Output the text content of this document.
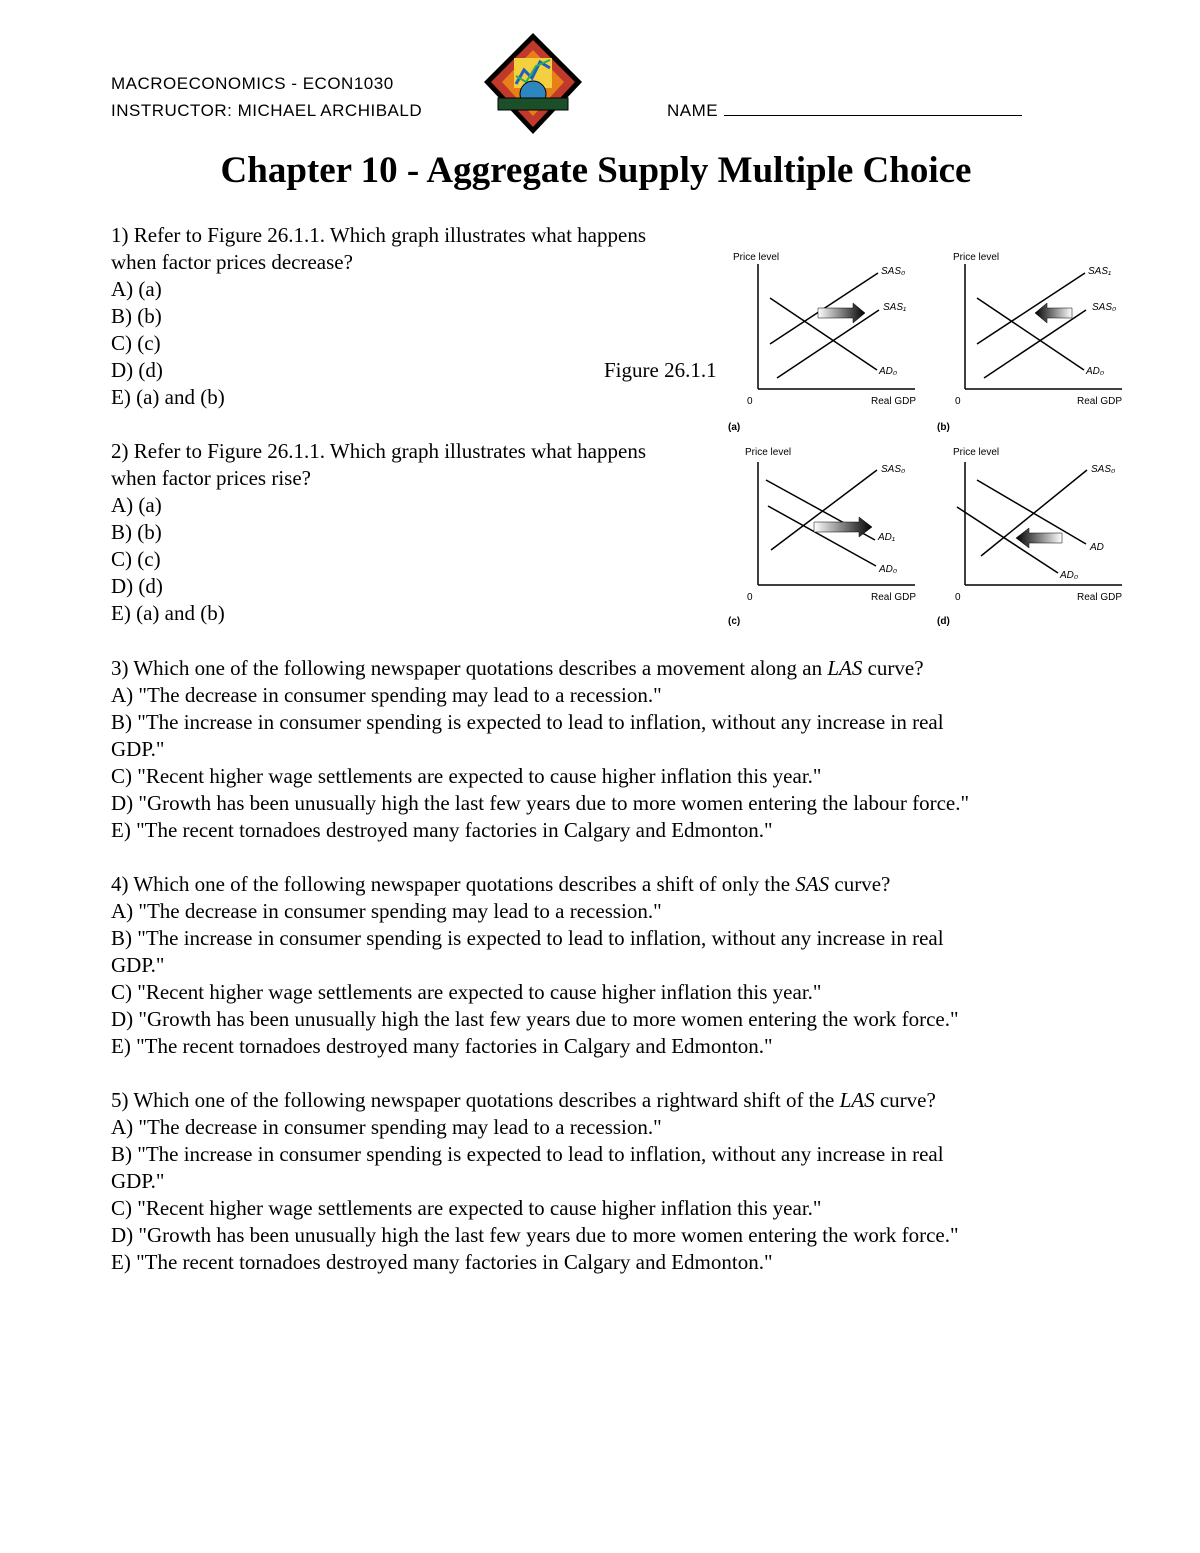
MACROECONOMICS - ECON1030
INSTRUCTOR: MICHAEL ARCHIBALD	NAME
Chapter 10 - Aggregate Supply Multiple Choice
1) Refer to Figure 26.1.1. Which graph illustrates what happens
when factor prices decrease?
A) (a)
B) (b)
C) (c)
D) (d)
E) (a) and (b)
Figure 26.1.1
2) Refer to Figure 26.1.1. Which graph illustrates what happens
when factor prices rise?
A) (a)
B) (b)
C) (c)
D) (d)
E) (a) and (b)
Price level
0	Real GDP
SAS₀
SAS₁
AD₀
(a)
Price level
0	Real GDP
SAS₁
SAS₀
AD₀
(b)
Price level
0	Real GDP
SAS₀
AD₁
AD₀
(c)
Price level
0	Real GDP
SAS₀
AD
AD₀
(d)
3) Which one of the following newspaper quotations describes a movement along an LAS curve?
A) "The decrease in consumer spending may lead to a recession."
B) "The increase in consumer spending is expected to lead to inflation, without any increase in real
GDP."
C) "Recent higher wage settlements are expected to cause higher inflation this year."
D) "Growth has been unusually high the last few years due to more women entering the labour force."
E) "The recent tornadoes destroyed many factories in Calgary and Edmonton."
4) Which one of the following newspaper quotations describes a shift of only the SAS curve?
A) "The decrease in consumer spending may lead to a recession."
B) "The increase in consumer spending is expected to lead to inflation, without any increase in real
GDP."
C) "Recent higher wage settlements are expected to cause higher inflation this year."
D) "Growth has been unusually high the last few years due to more women entering the work force."
E) "The recent tornadoes destroyed many factories in Calgary and Edmonton."
5) Which one of the following newspaper quotations describes a rightward shift of the LAS curve?
A) "The decrease in consumer spending may lead to a recession."
B) "The increase in consumer spending is expected to lead to inflation, without any increase in real
GDP."
C) "Recent higher wage settlements are expected to cause higher inflation this year."
D) "Growth has been unusually high the last few years due to more women entering the work force."
E) "The recent tornadoes destroyed many factories in Calgary and Edmonton."
